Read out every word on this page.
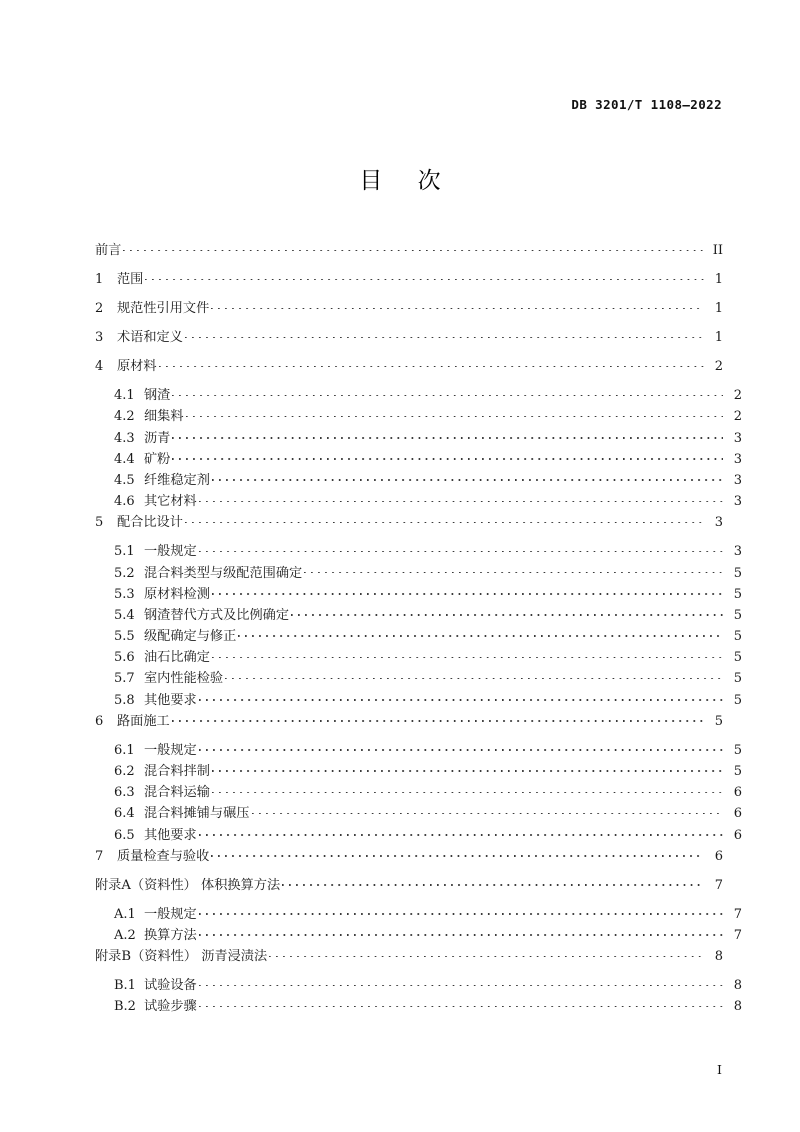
DB 3201/T 1108—2022
目 次
前言	II
1	范围	1
2	规范性引用文件	1
3	术语和定义	1
4	原材料	2
4.1 钢渣	2
4.2 细集料	2
4.3 沥青	3
4.4 矿粉	3
4.5 纤维稳定剂	3
4.6 其它材料	3
5	配合比设计	3
5.1 一般规定	3
5.2 混合料类型与级配范围确定	5
5.3 原材料检测	5
5.4 钢渣替代方式及比例确定	5
5.5 级配确定与修正	5
5.6 油石比确定	5
5.7 室内性能检验	5
5.8 其他要求	5
6	路面施工	5
6.1 一般规定	5
6.2 混合料拌制	5
6.3 混合料运输	6
6.4 混合料摊铺与碾压	6
6.5 其他要求	6
7	质量检查与验收	6
附录A（资料性） 体积换算方法	7
A.1 一般规定	7
A.2 换算方法	7
附录B（资料性） 沥青浸渍法	8
B.1 试验设备	8
B.2 试验步骤	8
I
